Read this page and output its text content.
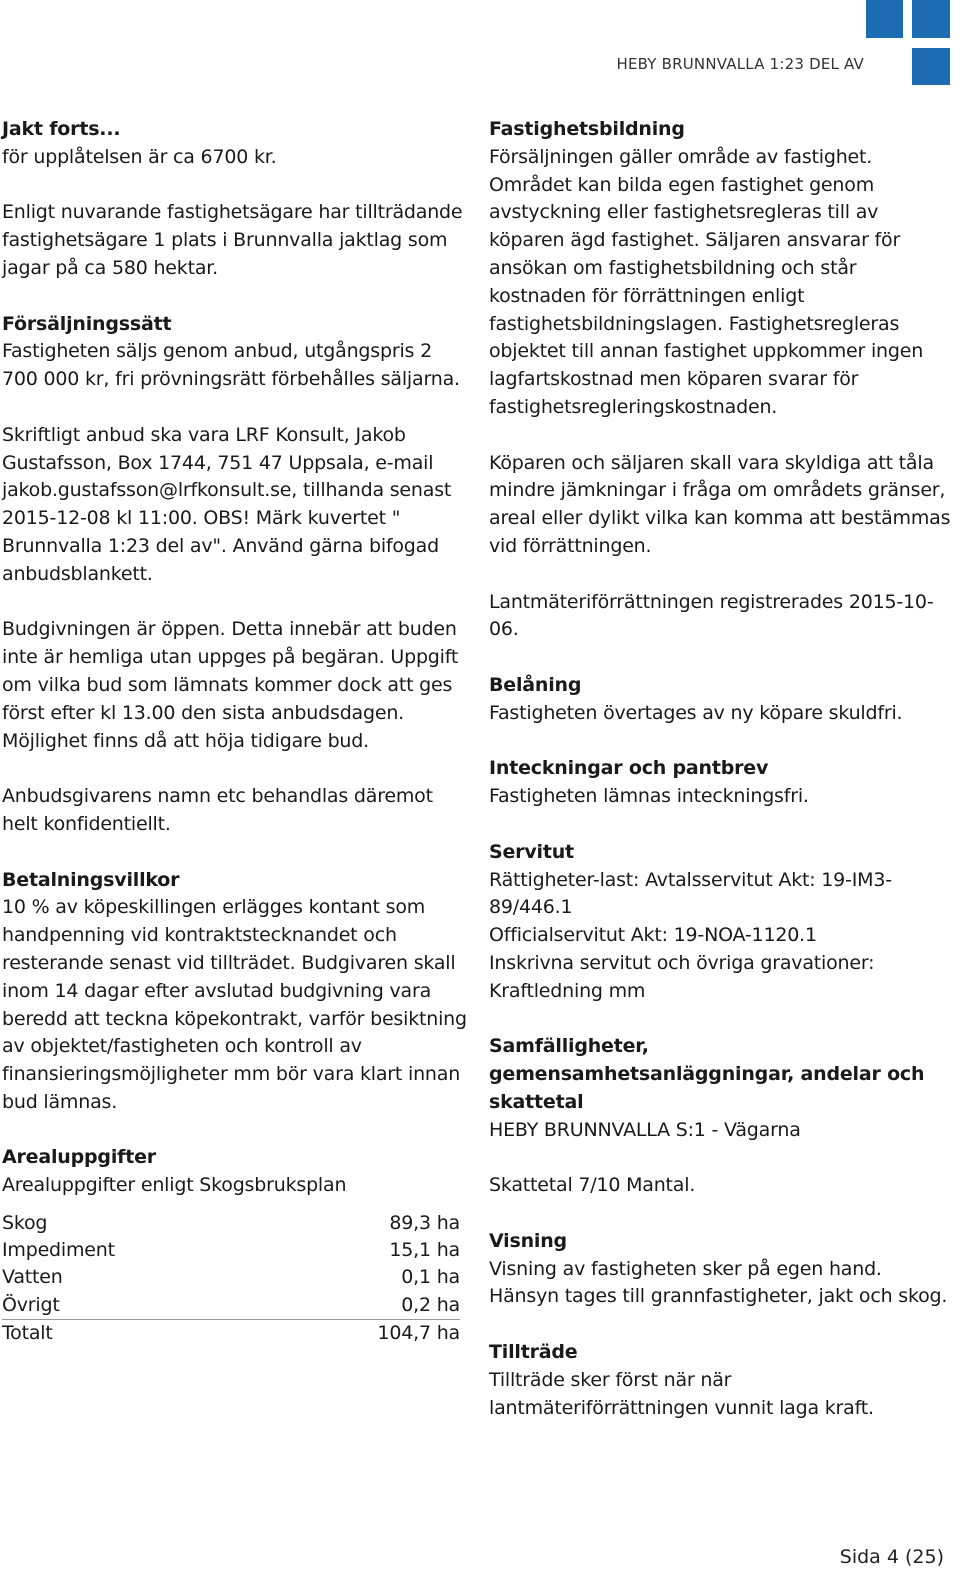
HEBY BRUNNVALLA 1:23 DEL AV
Jakt forts...

för upplåtelsen är ca 6700 kr.

Enligt nuvarande fastighetsägare har tillträdande fastighetsägare 1 plats i Brunnvalla jaktlag som jagar på ca 580 hektar.

Försäljningssätt

Fastigheten säljs genom anbud, utgångspris 2 700 000 kr, fri prövningsrätt förbehålles säljarna.

Skriftligt anbud ska vara LRF Konsult, Jakob Gustafsson, Box 1744, 751 47 Uppsala, e-mail jakob.gustafsson@lrfkonsult.se, tillhanda senast 2015-12-08 kl 11:00. OBS! Märk kuvertet " Brunnvalla 1:23 del av". Använd gärna bifogad anbudsblankett.

Budgivningen är öppen. Detta innebär att buden inte är hemliga utan uppges på begäran. Uppgift om vilka bud som lämnats kommer dock att ges först efter kl 13.00 den sista anbudsdagen. Möjlighet finns då att höja tidigare bud.

Anbudsgivarens namn etc behandlas däremot helt konfidentiellt.

Betalningsvillkor

10 % av köpeskillingen erlägges kontant som handpenning vid kontraktstecknandet och resterande senast vid tillträdet. Budgivaren skall inom 14 dagar efter avslutad budgivning vara beredd att teckna köpekontrakt, varför besiktning av objektet/fastigheten och kontroll av finansieringsmöjligheter mm bör vara klart innan bud lämnas.

Arealuppgifter
Arealuppgifter enligt Skogsbruksplan
Skog	89,3 ha
Impediment	15,1 ha
Vatten	0,1 ha
Övrigt	0,2 ha
Totalt	104,7 ha
Fastighetsbildning

Försäljningen gäller område av fastighet. Området kan bilda egen fastighet genom avstyckning eller fastighetsregleras till av köparen ägd fastighet. Säljaren ansvarar för ansökan om fastighetsbildning och står kostnaden för förrättningen enligt fastighetsbildningslagen. Fastighetsregleras objektet till annan fastighet uppkommer ingen lagfartskostnad men köparen svarar för fastighetsregleringskostnaden.

Köparen och säljaren skall vara skyldiga att tåla mindre jämkningar i fråga om områdets gränser, areal eller dylikt vilka kan komma att bestämmas vid förrättningen.

Lantmäteriförrättningen registrerades 2015-10-06.

Belåning

Fastigheten övertages av ny köpare skuldfri.

Inteckningar och pantbrev

Fastigheten lämnas inteckningsfri.

Servitut
Rättigheter-last: Avtalsservitut Akt: 19-IM3-89/446.1
Officialservitut Akt: 19-NOA-1120.1

Inskrivna servitut och övriga gravationer: Kraftledning mm

Samfälligheter, gemensamhetsanläggningar, andelar och skattetal

HEBY BRUNNVALLA S:1 - Vägarna

Skattetal 7/10 Mantal.

Visning

Visning av fastigheten sker på egen hand. Hänsyn tages till grannfastigheter, jakt och skog.

Tillträde

Tillträde sker först när när lantmäteriförrättningen vunnit laga kraft.

Sida 4 (25)
